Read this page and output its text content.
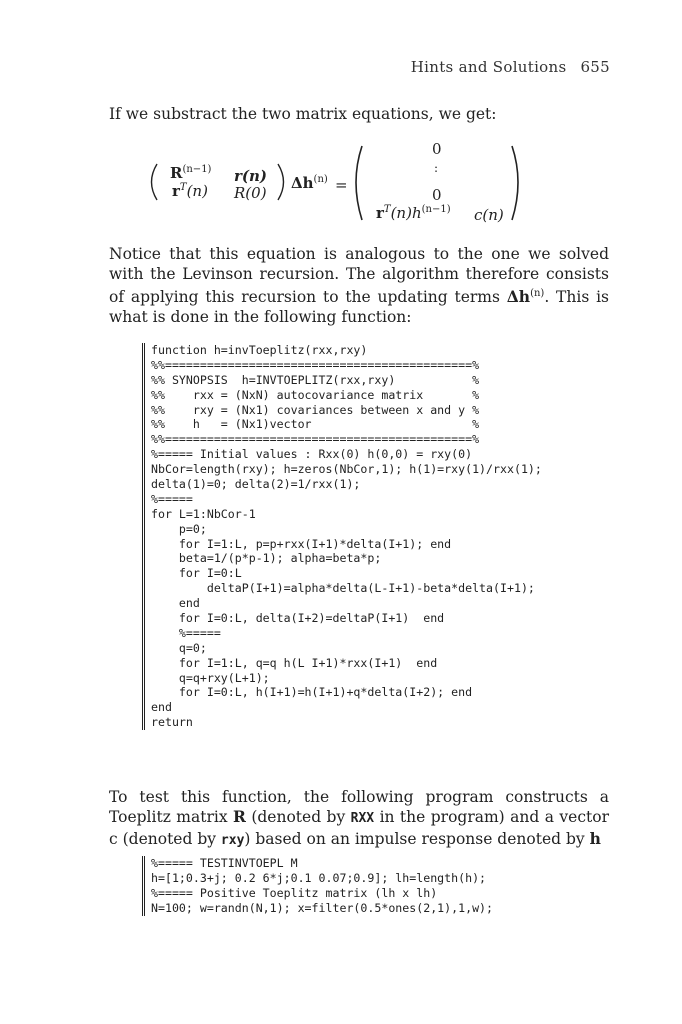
Hints and Solutions 655
If we substract the two matrix equations, we get:
$R^{(n-1)}$ r(n)
$r^T(n)$ R(0)
$\Delta h^{(n)}$ =
0
:
0
$r^T(n)h^{(n-1)}$ c(n)
Notice that this equation is analogous to the one we solved with the Levinson recursion. The algorithm therefore consists of applying this recursion to the updating terms $\Delta h^{(n)}$. This is what is done in the following function:
function h=invToeplitz(rxx,rxy)
%%============================================%
%% SYNOPSIS  h=INVTOEPLITZ(rxx,rxy)           %
%%    rxx = (NxN) autocovariance matrix       %
%%    rxy = (Nx1) covariances between x and y %
%%    h   = (Nx1)vector                       %
%%============================================%
%===== Initial values : Rxx(0) h(0,0) = rxy(0)
NbCor=length(rxy); h=zeros(NbCor,1); h(1)=rxy(1)/rxx(1);
delta(1)=0; delta(2)=1/rxx(1);
%=====
for L=1:NbCor-1
p=0;
for I=1:L, p=p+rxx(I+1)*delta(I+1); end
beta=1/(p*p-1); alpha=beta*p;
for I=0:L
deltaP(I+1)=alpha*delta(L-I+1)-beta*delta(I+1);
end
for I=0:L, delta(I+2)=deltaP(I+1)  end
%=====
q=0;
for I=1:L, q=q h(L I+1)*rxx(I+1)  end
q=q+rxy(L+1);
for I=0:L, h(I+1)=h(I+1)+q*delta(I+2); end
end
return
To test this function, the following program constructs a Toeplitz matrix R (denoted by RXX in the program) and a vector c (denoted by rxy) based on an impulse response denoted by h
%===== TESTINVTOEPL M
h=[1;0.3+j; 0.2 6*j;0.1 0.07;0.9]; lh=length(h);
%===== Positive Toeplitz matrix (lh x lh)
N=100; w=randn(N,1); x=filter(0.5*ones(2,1),1,w);
